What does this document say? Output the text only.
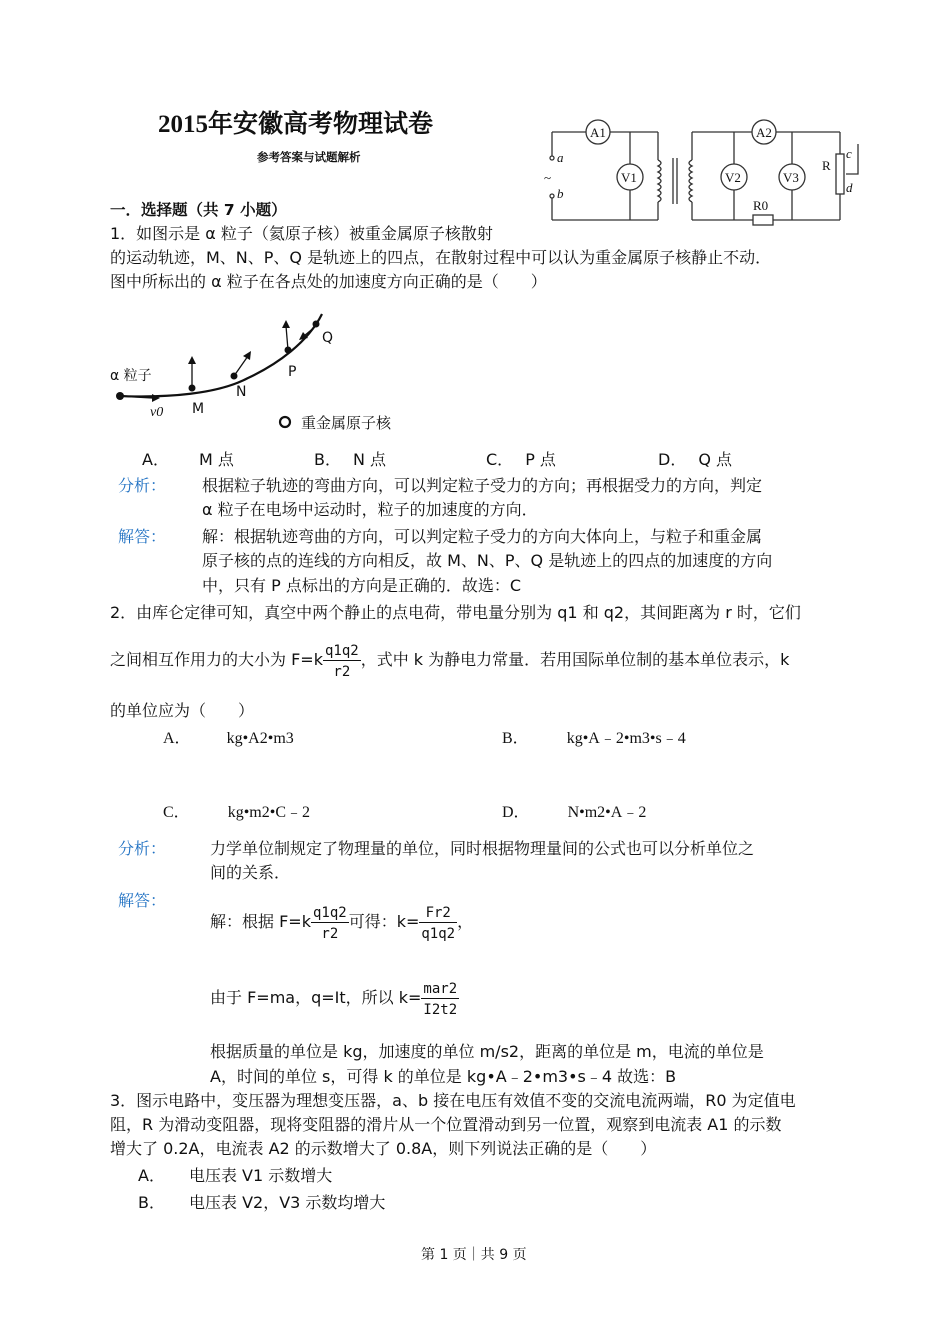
2015年安徽高考物理试卷
参考答案与试题解析
A1	A2
V1	V2	V3
R0
R
a
b
c
d
~
一．选择题（共 7 小题）
1．如图示是 α 粒子（氦原子核）被重金属原子核散射
的运动轨迹，M、N、P、Q 是轨迹上的四点，在散射过程中可以认为重金属原子核静止不动．
图中所标出的 α 粒子在各点处的加速度方向正确的是（　　）
α 粒子
v0 M
N
P
Q
重金属原子核
A． M 点	B． N 点	C． P 点	D． Q 点
分析： 根据粒子轨迹的弯曲方向，可以判定粒子受力的方向；再根据受力的方向，判定
α 粒子在电场中运动时，粒子的加速度的方向．
解答： 解：根据轨迹弯曲的方向，可以判定粒子受力的方向大体向上，与粒子和重金属
原子核的点的连线的方向相反，故 M、N、P、Q 是轨迹上的四点的加速度的方向
中，只有 P 点标出的方向是正确的．故选：C
2．由库仑定律可知，真空中两个静止的点电荷，带电量分别为 q1 和 q2，其间距离为 r 时，它们
之间相互作用力的大小为 $F=k \frac{q1q2}{r2}$ ，式中 k 为静电力常量．若用国际单位制的基本单位表示，k
的单位应为（　　）
A． kg•A2•m3	B． kg•A﹣2•m3•s﹣4
C． kg•m2•C﹣2	D． N•m2•A﹣2
分析：	力学单位制规定了物理量的单位，同时根据物理量间的公式也可以分析单位之
间的关系．
解答：
解：根据 $F=k \frac{q1q2}{r2}$ 可得：$k= \frac{Fr2}{q1q2}$ ，
由于 F=ma，q=It，所以 $k= \frac{\text{mar2}}{I2t2}$
根据质量的单位是 kg，加速度的单位 m/s2，距离的单位是 m，电流的单位是
A，时间的单位 s，可得 k 的单位是 kg•A﹣2•m3•s﹣4 故选：B
3．图示电路中，变压器为理想变压器，a、b 接在电压有效值不变的交流电流两端，R0 为定值电
阻，R 为滑动变阻器，现将变阻器的滑片从一个位置滑动到另一位置，观察到电流表 A1 的示数
增大了 0.2A，电流表 A2 的示数增大了 0.8A，则下列说法正确的是（　　）
A． 电压表 V1 示数增大
B． 电压表 V2，V3 示数均增大
第 1 页｜共 9 页
